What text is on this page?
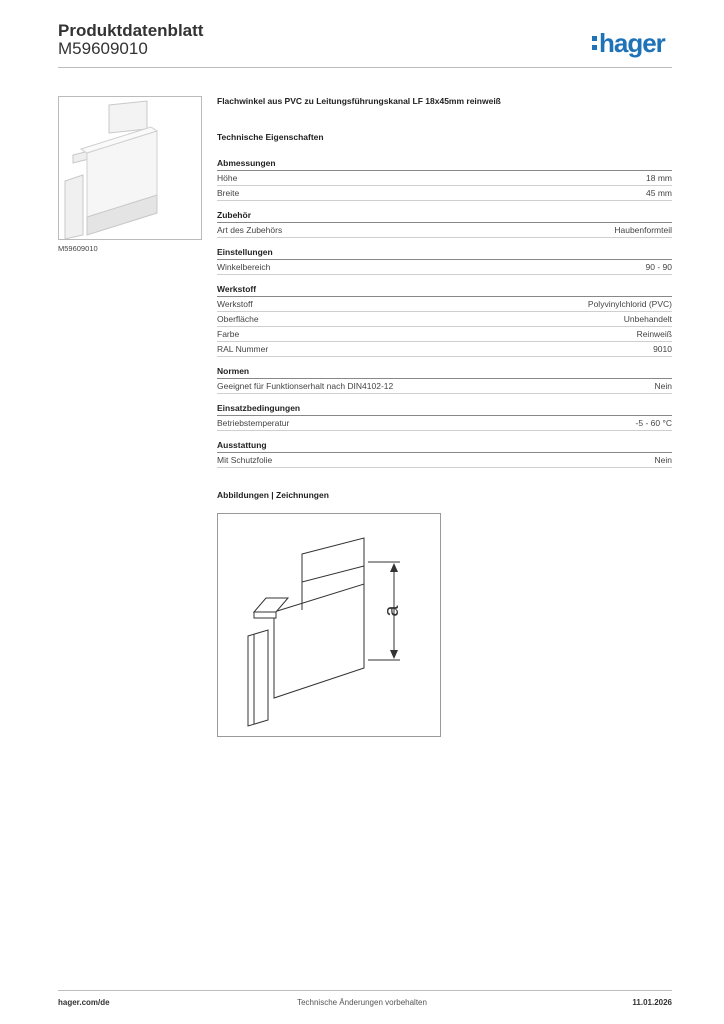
Produktdatenblatt
M59609010	hager
M59609010
Flachwinkel aus PVC zu Leitungsführungskanal LF 18x45mm reinweiß
Technische Eigenschaften
Abmessungen
Höhe	18 mm
Breite	45 mm
Zubehör
Art des Zubehörs	Haubenformteil
Einstellungen
Winkelbereich	90 - 90
Werkstoff
Werkstoff	Polyvinylchlorid (PVC)
Oberfläche	Unbehandelt
Farbe	Reinweiß
RAL Nummer	9010
Normen
Geeignet für Funktionserhalt nach DIN4102-12	Nein
Einsatzbedingungen
Betriebstemperatur	-5 - 60 °C
Ausstattung
Mit Schutzfolie	Nein
Abbildungen | Zeichnungen
a
hager.com/de	Technische Änderungen vorbehalten	11.01.2026
